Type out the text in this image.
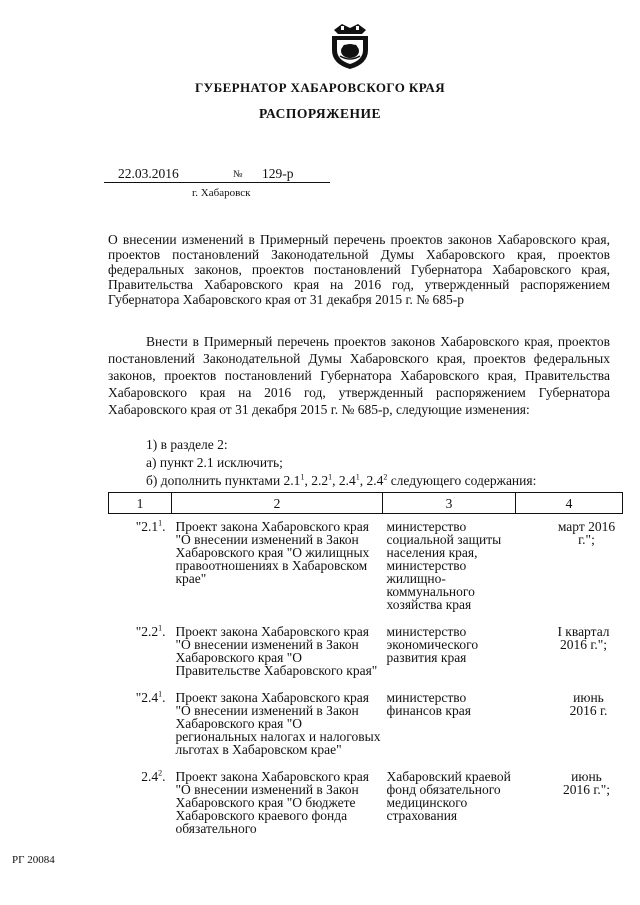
ГУБЕРНАТОР ХАБАРОВСКОГО КРАЯ
РАСПОРЯЖЕНИЕ
22.03.2016	№ 129-р
г. Хабаровск
О внесении изменений в Примерный перечень проектов законов Хабаровского края, проектов постановлений Законодательной Думы Хабаровского края, проектов федеральных законов, проектов постановлений Губернатора Хабаровского края, Правительства Хабаровского края на 2016 год, утвержденный распоряжением Губернатора Хабаровского края от 31 декабря 2015 г. № 685-р

Внести в Примерный перечень проектов законов Хабаровского края, проектов постановлений Законодательной Думы Хабаровского края, проектов федеральных законов, проектов постановлений Губернатора Хабаровского края, Правительства Хабаровского края на 2016 год, утвержденный распоряжением Губернатора Хабаровского края от 31 декабря 2015 г. № 685-р, следующие изменения:

1) в разделе 2:
а) пункт 2.1 исключить;
б) дополнить пунктами $2.1^1$, $2.2^1$, $2.4^1$, $2.4^2$ следующего содержания:
1	2	3	4
"$2.1^1$.	Проект закона Хабаровского края "О внесении изменений в Закон Хабаровского края "О жилищных правоотношениях в Хабаровском крае"	министерство социальной защиты населения края, министерство жилищно-коммунального хозяйства края	март 2016 г.";
"$2.2^1$.	Проект закона Хабаровского края "О внесении изменений в Закон Хабаровского края "О Правительстве Хабаровского края"	министерство экономического развития края	I квартал 2016 г.";
"$2.4^1$.	Проект закона Хабаровского края "О внесении изменений в Закон Хабаровского края "О региональных налогах и налоговых льготах в Хабаровском крае"	министерство финансов края	июнь 2016 г.
$2.4^2$.	Проект закона Хабаровского края "О внесении изменений в Закон Хабаровского края "О бюджете Хабаровского краевого фонда обязательного	Хабаровский краевой фонд обязательного медицинского страхования	июнь 2016 г.";
РГ 20084
